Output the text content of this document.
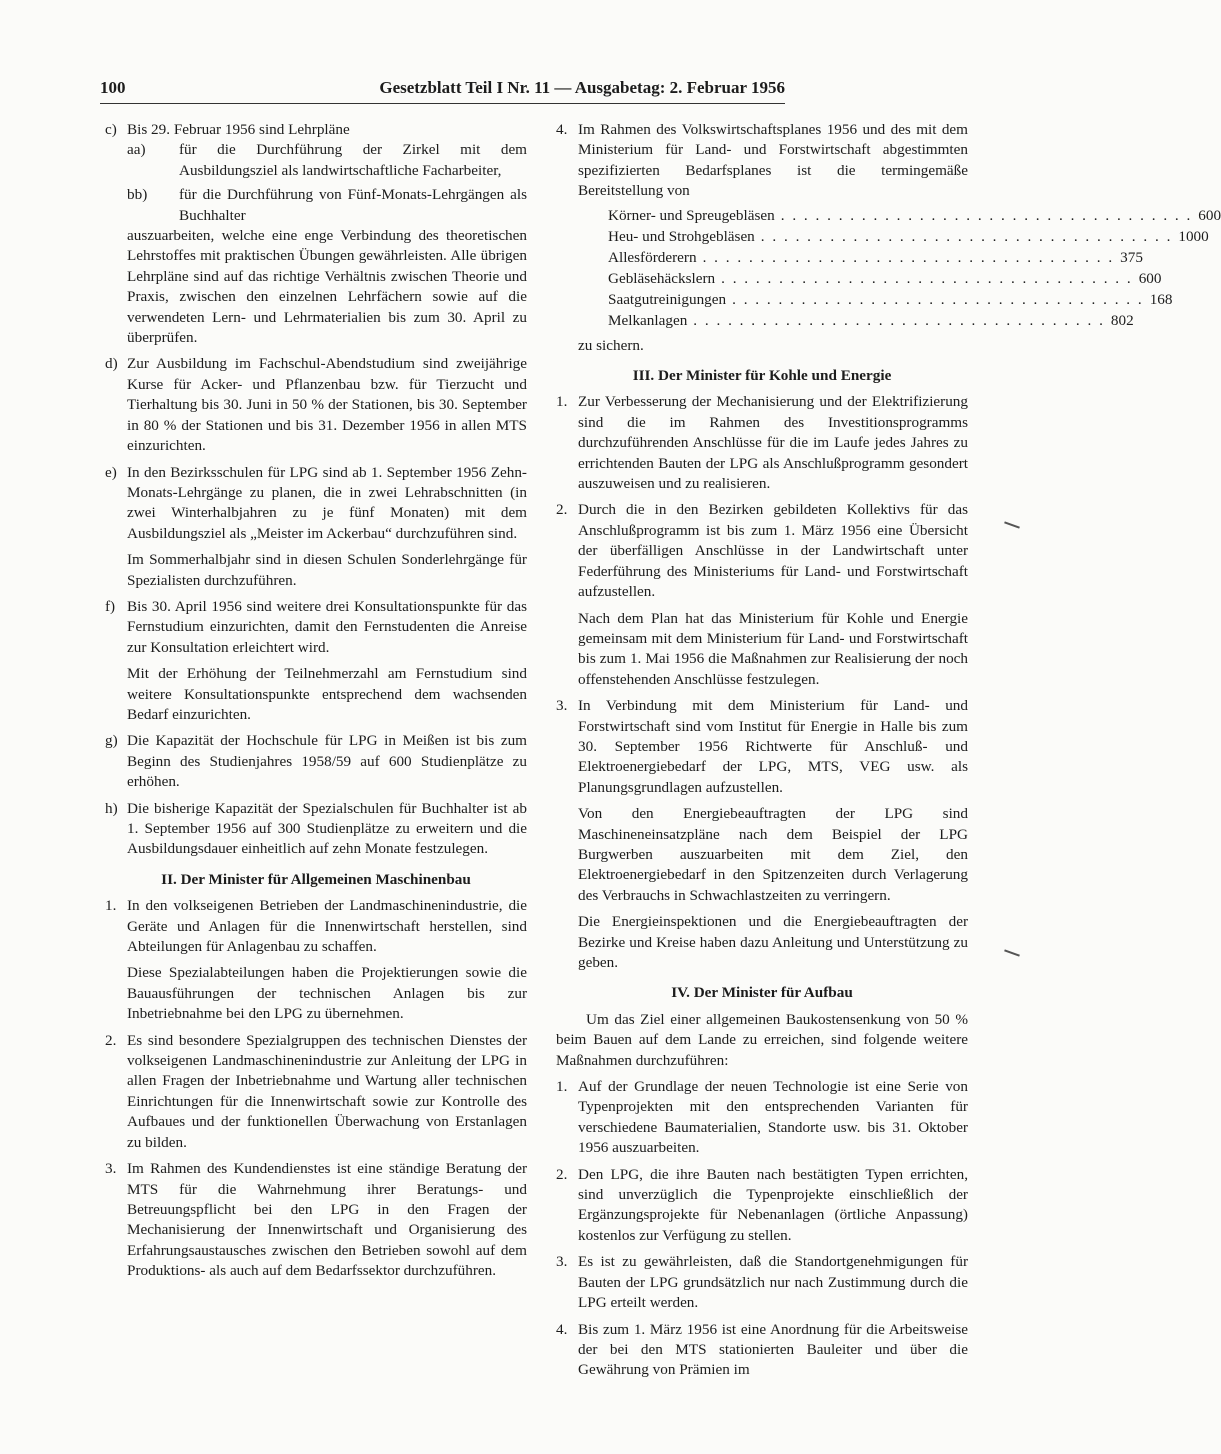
100	Gesetzblatt Teil I Nr. 11 — Ausgabetag: 2. Februar 1956
c) Bis 29. Februar 1956 sind Lehrpläne
aa) für die Durchführung der Zirkel mit dem Ausbildungsziel als landwirtschaftliche Facharbeiter,
bb) für die Durchführung von Fünf-Monats-Lehrgängen als Buchhalter
auszuarbeiten, welche eine enge Verbindung des theoretischen Lehrstoffes mit praktischen Übungen gewährleisten. Alle übrigen Lehrpläne sind auf das richtige Verhältnis zwischen Theorie und Praxis, zwischen den einzelnen Lehrfächern sowie auf die verwendeten Lern- und Lehrmaterialien bis zum 30. April zu überprüfen.
d) Zur Ausbildung im Fachschul-Abendstudium sind zweijährige Kurse für Acker- und Pflanzenbau bzw. für Tierzucht und Tierhaltung bis 30. Juni in 50 % der Stationen, bis 30. September in 80 % der Stationen und bis 31. Dezember 1956 in allen MTS einzurichten.
e) In den Bezirksschulen für LPG sind ab 1. September 1956 Zehn-Monats-Lehrgänge zu planen, die in zwei Lehrabschnitten (in zwei Winterhalbjahren zu je fünf Monaten) mit dem Ausbildungsziel als „Meister im Ackerbau“ durchzuführen sind.
Im Sommerhalbjahr sind in diesen Schulen Sonderlehrgänge für Spezialisten durchzuführen.
f) Bis 30. April 1956 sind weitere drei Konsultationspunkte für das Fernstudium einzurichten, damit den Fernstudenten die Anreise zur Konsultation erleichtert wird.
Mit der Erhöhung der Teilnehmerzahl am Fernstudium sind weitere Konsultationspunkte entsprechend dem wachsenden Bedarf einzurichten.
g) Die Kapazität der Hochschule für LPG in Meißen ist bis zum Beginn des Studienjahres 1958/59 auf 600 Studienplätze zu erhöhen.
h) Die bisherige Kapazität der Spezialschulen für Buchhalter ist ab 1. September 1956 auf 300 Studienplätze zu erweitern und die Ausbildungsdauer einheitlich auf zehn Monate festzulegen.
II. Der Minister für Allgemeinen Maschinenbau
1. In den volkseigenen Betrieben der Landmaschinenindustrie, die Geräte und Anlagen für die Innenwirtschaft herstellen, sind Abteilungen für Anlagenbau zu schaffen.
Diese Spezialabteilungen haben die Projektierungen sowie die Bauausführungen der technischen Anlagen bis zur Inbetriebnahme bei den LPG zu übernehmen.
2. Es sind besondere Spezialgruppen des technischen Dienstes der volkseigenen Landmaschinenindustrie zur Anleitung der LPG in allen Fragen der Inbetriebnahme und Wartung aller technischen Einrichtungen für die Innenwirtschaft sowie zur Kontrolle des Aufbaues und der funktionellen Überwachung von Erstanlagen zu bilden.
3. Im Rahmen des Kundendienstes ist eine ständige Beratung der MTS für die Wahrnehmung ihrer Beratungs- und Betreuungspflicht bei den LPG in den Fragen der Mechanisierung der Innenwirtschaft und Organisierung des Erfahrungsaustausches zwischen den Betrieben sowohl auf dem Produktions- als auch auf dem Bedarfssektor durchzuführen.
4. Im Rahmen des Volkswirtschaftsplanes 1956 und des mit dem Ministerium für Land- und Forstwirtschaft abgestimmten spezifizierten Bedarfsplanes ist die termingemäße Bereitstellung von
Körner- und Spreugebläsen . . . . . . . . . . . . . . . . . . . . . . . . . . . . . . . . . . . . 600
Heu- und Strohgebläsen . . . . . . . . . . . . . . . . . . . . . . . . . . . . . . . . . . . . 1000
Allesförderern . . . . . . . . . . . . . . . . . . . . . . . . . . . . . . . . . . . . 375
Gebläsehäckslern . . . . . . . . . . . . . . . . . . . . . . . . . . . . . . . . . . . . 600
Saatgutreinigungen . . . . . . . . . . . . . . . . . . . . . . . . . . . . . . . . . . . . 168
Melkanlagen . . . . . . . . . . . . . . . . . . . . . . . . . . . . . . . . . . . . 802
zu sichern.
III. Der Minister für Kohle und Energie
1. Zur Verbesserung der Mechanisierung und der Elektrifizierung sind die im Rahmen des Investitionsprogramms durchzuführenden Anschlüsse für die im Laufe jedes Jahres zu errichtenden Bauten der LPG als Anschlußprogramm gesondert auszuweisen und zu realisieren.
2. Durch die in den Bezirken gebildeten Kollektivs für das Anschlußprogramm ist bis zum 1. März 1956 eine Übersicht der überfälligen Anschlüsse in der Landwirtschaft unter Federführung des Ministeriums für Land- und Forstwirtschaft aufzustellen.
Nach dem Plan hat das Ministerium für Kohle und Energie gemeinsam mit dem Ministerium für Land- und Forstwirtschaft bis zum 1. Mai 1956 die Maßnahmen zur Realisierung der noch offenstehenden Anschlüsse festzulegen.
3. In Verbindung mit dem Ministerium für Land- und Forstwirtschaft sind vom Institut für Energie in Halle bis zum 30. September 1956 Richtwerte für Anschluß- und Elektroenergiebedarf der LPG, MTS, VEG usw. als Planungsgrundlagen aufzustellen.
Von den Energiebeauftragten der LPG sind Maschineneinsatzpläne nach dem Beispiel der LPG Burgwerben auszuarbeiten mit dem Ziel, den Elektroenergiebedarf in den Spitzenzeiten durch Verlagerung des Verbrauchs in Schwachlastzeiten zu verringern.
Die Energieinspektionen und die Energiebeauftragten der Bezirke und Kreise haben dazu Anleitung und Unterstützung zu geben.
IV. Der Minister für Aufbau
Um das Ziel einer allgemeinen Baukostensenkung von 50 % beim Bauen auf dem Lande zu erreichen, sind folgende weitere Maßnahmen durchzuführen:
1. Auf der Grundlage der neuen Technologie ist eine Serie von Typenprojekten mit den entsprechenden Varianten für verschiedene Baumaterialien, Standorte usw. bis 31. Oktober 1956 auszuarbeiten.
2. Den LPG, die ihre Bauten nach bestätigten Typen errichten, sind unverzüglich die Typenprojekte einschließlich der Ergänzungsprojekte für Nebenanlagen (örtliche Anpassung) kostenlos zur Verfügung zu stellen.
3. Es ist zu gewährleisten, daß die Standortgenehmigungen für Bauten der LPG grundsätzlich nur nach Zustimmung durch die LPG erteilt werden.
4. Bis zum 1. März 1956 ist eine Anordnung für die Arbeitsweise der bei den MTS stationierten Bauleiter und über die Gewährung von Prämien im
